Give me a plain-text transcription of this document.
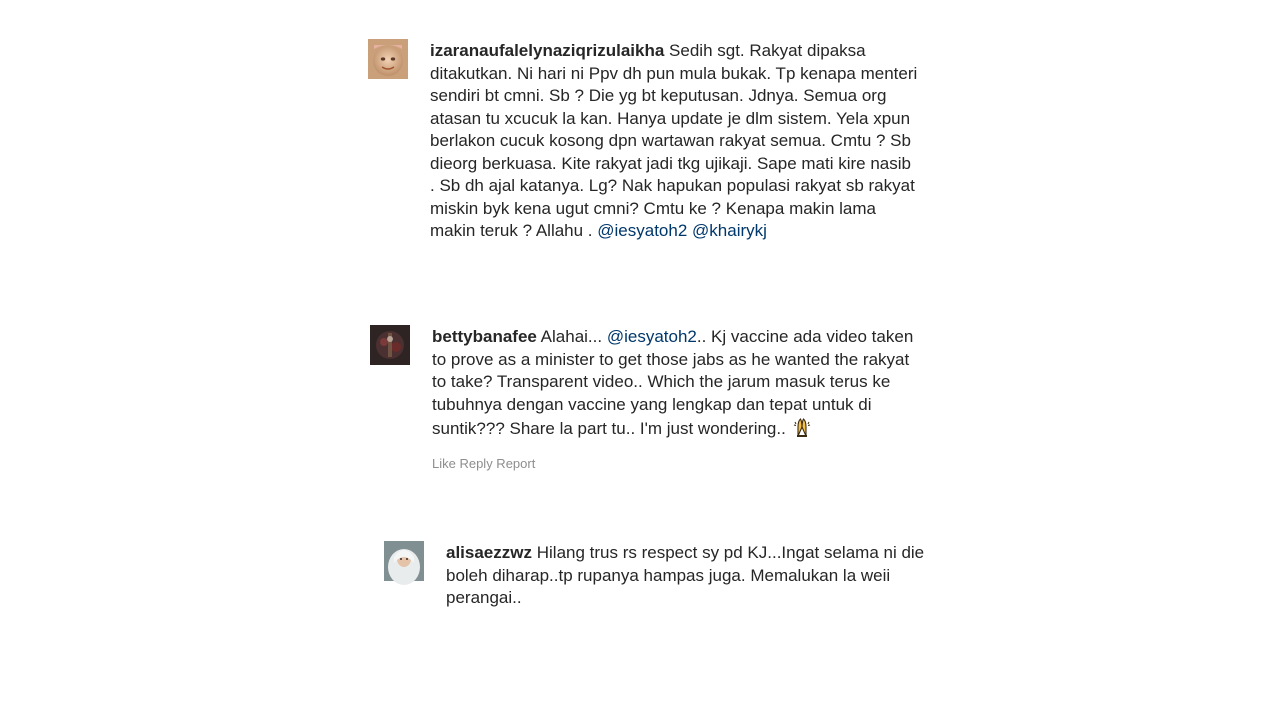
izaranaufalelynaziqrizulaikha Sedih sgt. Rakyat dipaksa ditakutkan. Ni hari ni Ppv dh pun mula bukak. Tp kenapa menteri sendiri bt cmni. Sb ? Die yg bt keputusan. Jdnya. Semua org atasan tu xcucuk la kan. Hanya update je dlm sistem. Yela xpun berlakon cucuk kosong dpn wartawan rakyat semua. Cmtu ? Sb dieorg berkuasa. Kite rakyat jadi tkg ujikaji. Sape mati kire nasib . Sb dh ajal katanya. Lg? Nak hapukan populasi rakyat sb rakyat miskin byk kena ugut cmni? Cmtu ke ? Kenapa makin lama makin teruk ? Allahu . @iesyatoh2 @khairykj
bettybanafee Alahai... @iesyatoh2.. Kj vaccine ada video taken to prove as a minister to get those jabs as he wanted the rakyat to take? Transparent video.. Which the jarum masuk terus ke tubuhnya dengan vaccine yang lengkap dan tepat untuk di suntik??? Share la part tu.. I'm just wondering..
Like Reply Report
alisaezzwz Hilang trus rs respect sy pd KJ...Ingat selama ni die boleh diharap..tp rupanya hampas juga. Memalukan la weii perangai..
